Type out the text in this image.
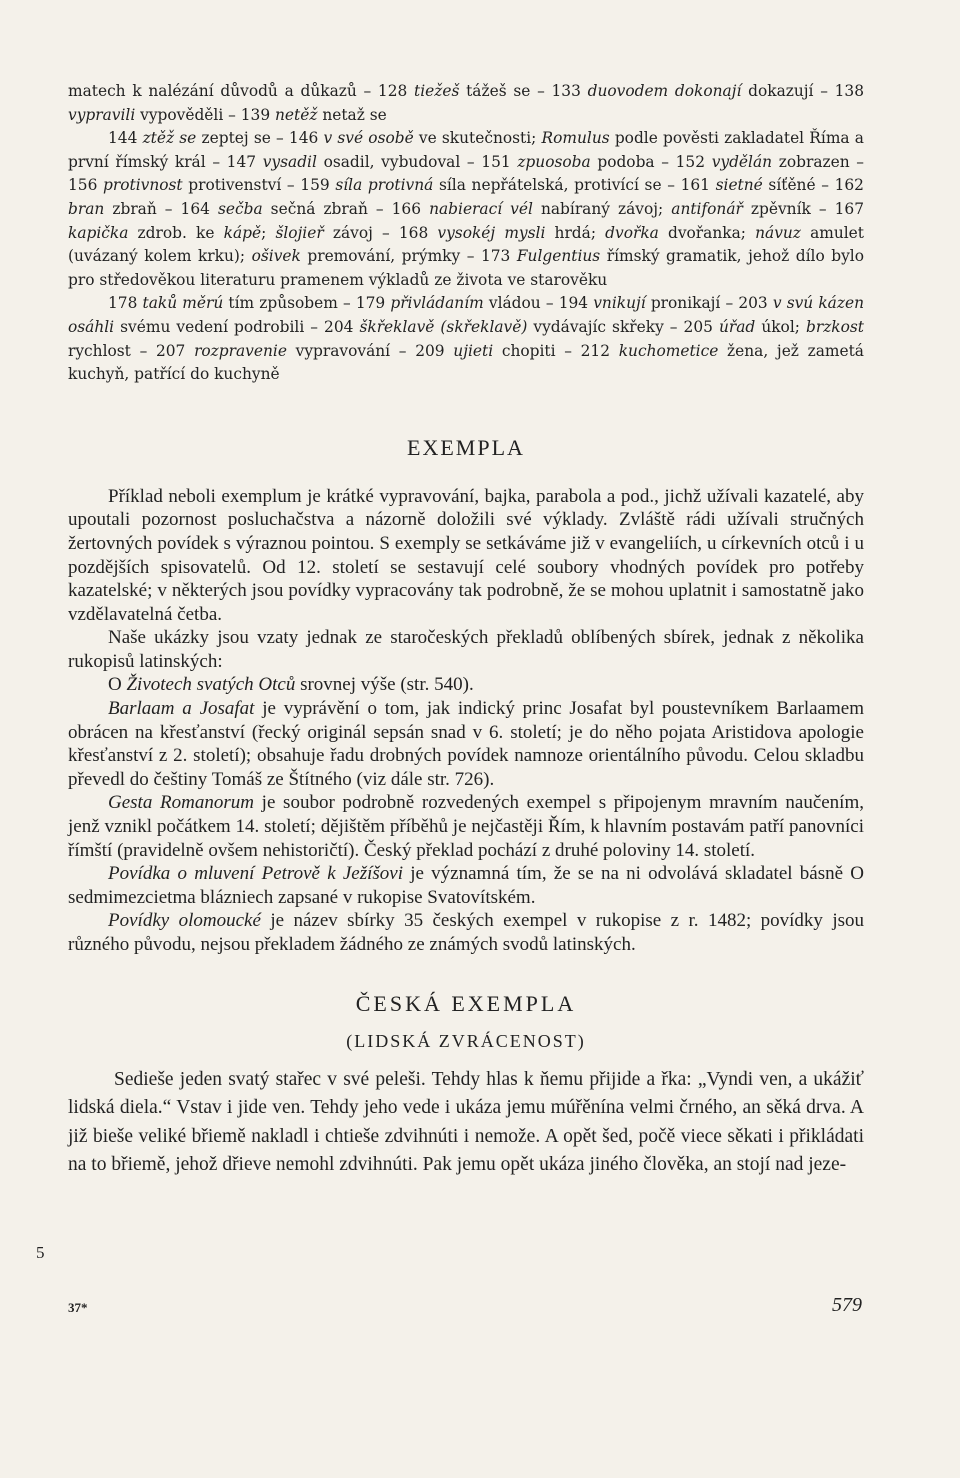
matech k nalézání důvodů a důkazů – 128 tiežeš tážeš se – 133 duovodem dokonají dokazují – 138 vypravili vypověděli – 139 netěž netaž se

144 ztěž se zeptej se – 146 v své osobě ve skutečnosti; Romulus podle pověsti zakladatel Říma a první římský král – 147 vysadil osadil, vybudoval – 151 zpuosoba podoba – 152 vydělán zobrazen – 156 protivnost protivenství – 159 síla protivná síla nepřátelská, protivící se – 161 sietné síťěné – 162 bran zbraň – 164 sečba sečná zbraň – 166 nabierací vél nabíraný závoj; antifonář zpěvník – 167 kapička zdrob. ke kápě; šlojieř závoj – 168 vysokéj mysli hrdá; dvořka dvořanka; návuz amulet (uvázaný kolem krku); ošivek premování, prýmky – 173 Fulgentius římský gramatik, jehož dílo bylo pro středověkou literaturu pramenem výkladů ze života ve starověku

178 taků měrú tím způsobem – 179 přivládaním vládou – 194 vnikují pronikají – 203 v svú kázen osáhli svému vedení podrobili – 204 škřeklavě (skřeklavě) vydávajíc skřeky – 205 úřad úkol; brzkost rychlost – 207 rozpravenie vypravování – 209 ujieti chopiti – 212 kuchometice žena, jež zametá kuchyň, patřící do kuchyně

EXEMPLA

Příklad neboli exemplum je krátké vypravování, bajka, parabola a pod., jichž užívali kazatelé, aby upoutali pozornost posluchačstva a názorně doložili své výklady. Zvláště rádi užívali stručných žertovných povídek s výraznou pointou. S exemply se setkáváme již v evangeliích, u církevních otců i u pozdějších spisovatelů. Od 12. století se sestavují celé soubory vhodných povídek pro potřeby kazatelské; v některých jsou povídky vypracovány tak podrobně, že se mohou uplatnit i samostatně jako vzdělavatelná četba.

Naše ukázky jsou vzaty jednak ze staročeských překladů oblíbených sbírek, jednak z několika rukopisů latinských:

O Životech svatých Otců srovnej výše (str. 540).

Barlaam a Josafat je vyprávění o tom, jak indický princ Josafat byl poustevníkem Barlaamem obrácen na křesťanství (řecký originál sepsán snad v 6. století; je do něho pojata Aristidova apologie křesťanství z 2. století); obsahuje řadu drobných povídek namnoze orientálního původu. Celou skladbu převedl do češtiny Tomáš ze Štítného (viz dále str. 726).

Gesta Romanorum je soubor podrobně rozvedených exempel s připojenym mravním naučením, jenž vznikl počátkem 14. století; dějištěm příběhů je nejčastěji Řím, k hlavním postavám patří panovníci římští (pravidelně ovšem nehistoričtí). Český překlad pochází z druhé poloviny 14. století.

Povídka o mluvení Petrově k Ježíšovi je významná tím, že se na ni odvolává skladatel básně O sedmimezcietma blázniech zapsané v rukopise Svatovítském.

Povídky olomoucké je název sbírky 35 českých exempel v rukopise z r. 1482; povídky jsou různého původu, nejsou překladem žádného ze známých svodů latinských.

ČESKÁ EXEMPLA
(LIDSKÁ ZVRÁCENOST)

Sedieše jeden svatý stařec v své peleši. Tehdy hlas k ňemu přijide a řka: „Vyndi ven, a ukážiť lidská diela.“ Vstav i jide ven. Tehdy jeho vede i ukáza jemu múřěnína velmi črného, an sěká drva. A již bieše veliké břiemě nakladl i chtieše zdvihnúti i nemože. A opět šed, počě viece sěkati i přikládati na to břiemě, jehož dřieve nemohl zdvihnúti. Pak jemu opět ukáza jiného člověka, an stojí nad jeze-

5
37*	579
